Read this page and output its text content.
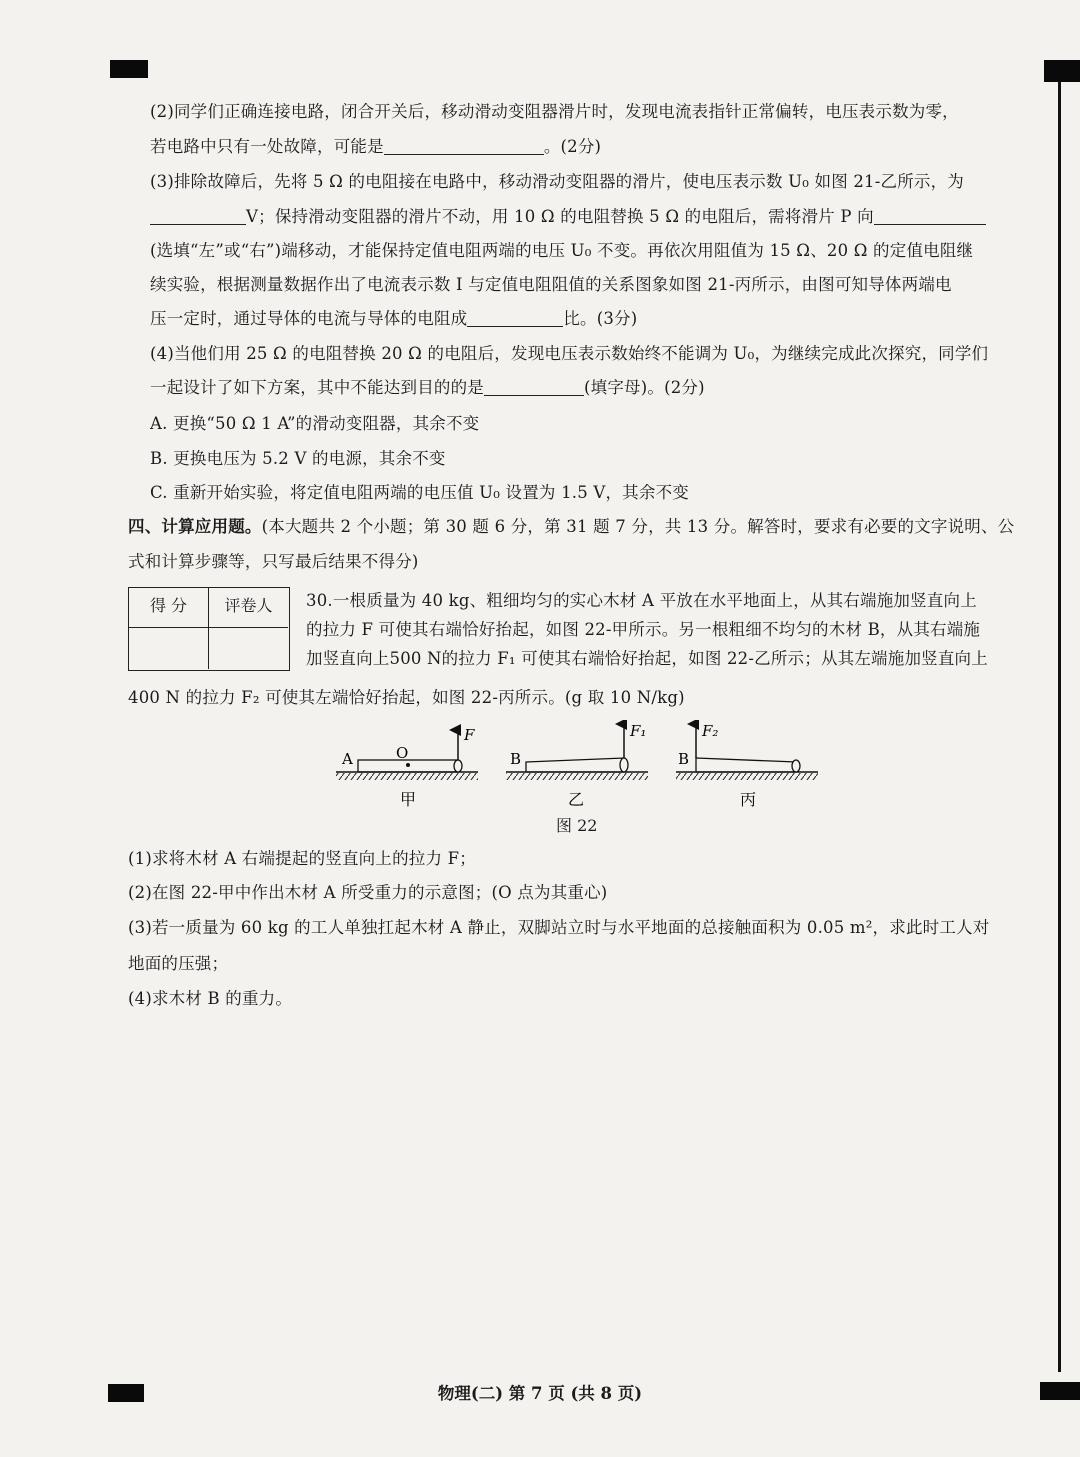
(2)同学们正确连接电路，闭合开关后，移动滑动变阻器滑片时，发现电流表指针正常偏转，电压表示数为零，
若电路中只有一处故障，可能是	。(2分)
(3)排除故障后，先将 5 Ω 的电阻接在电路中，移动滑动变阻器的滑片，使电压表示数 U₀ 如图 21-乙所示，为
V；保持滑动变阻器的滑片不动，用 10 Ω 的电阻替换 5 Ω 的电阻后，需将滑片 P 向
(选填“左”或“右”)端移动，才能保持定值电阻两端的电压 U₀ 不变。再依次用阻值为 15 Ω、20 Ω 的定值电阻继
续实验，根据测量数据作出了电流表示数 I 与定值电阻阻值的关系图象如图 21-丙所示，由图可知导体两端电
压一定时，通过导体的电流与导体的电阻成	比。(3分)
(4)当他们用 25 Ω 的电阻替换 20 Ω 的电阻后，发现电压表示数始终不能调为 U₀，为继续完成此次探究，同学们
一起设计了如下方案，其中不能达到目的的是	(填字母)。(2分)
A. 更换“50 Ω 1 A”的滑动变阻器，其余不变
B. 更换电压为 5.2 V 的电源，其余不变
C. 重新开始实验，将定值电阻两端的电压值 U₀ 设置为 1.5 V，其余不变
四、计算应用题。(本大题共 2 个小题；第 30 题 6 分，第 31 题 7 分，共 13 分。解答时，要求有必要的文字说明、公
式和计算步骤等，只写最后结果不得分)
得 分	评卷人	30.一根质量为 40 kg、粗细均匀的实心木材 A 平放在水平地面上，从其右端施加竖直向上
的拉力 F 可使其右端恰好抬起，如图 22-甲所示。另一根粗细不均匀的木材 B，从其右端施
加竖直向上500 N的拉力 F₁ 可使其右端恰好抬起，如图 22-乙所示；从其左端施加竖直向上
400 N 的拉力 F₂ 可使其左端恰好抬起，如图 22-丙所示。(g 取 10 N/kg)
A	O
F
甲
B
F₁
乙
B
F₂
丙
图 22
(1)求将木材 A 右端提起的竖直向上的拉力 F；
(2)在图 22-甲中作出木材 A 所受重力的示意图；(O 点为其重心)
(3)若一质量为 60 kg 的工人单独扛起木材 A 静止，双脚站立时与水平地面的总接触面积为 0.05 m²，求此时工人对
地面的压强；
(4)求木材 B 的重力。
物理(二) 第 7 页 (共 8 页)
